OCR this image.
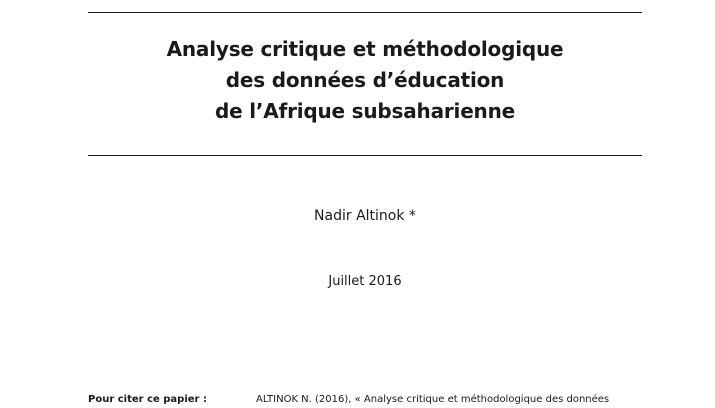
Analyse critique et méthodologique
des données d’éducation
de l’Afrique subsaharienne
Nadir Altinok *
Juillet 2016
Pour citer ce papier :	ALTINOK N. (2016), « Analyse critique et méthodologique des données
